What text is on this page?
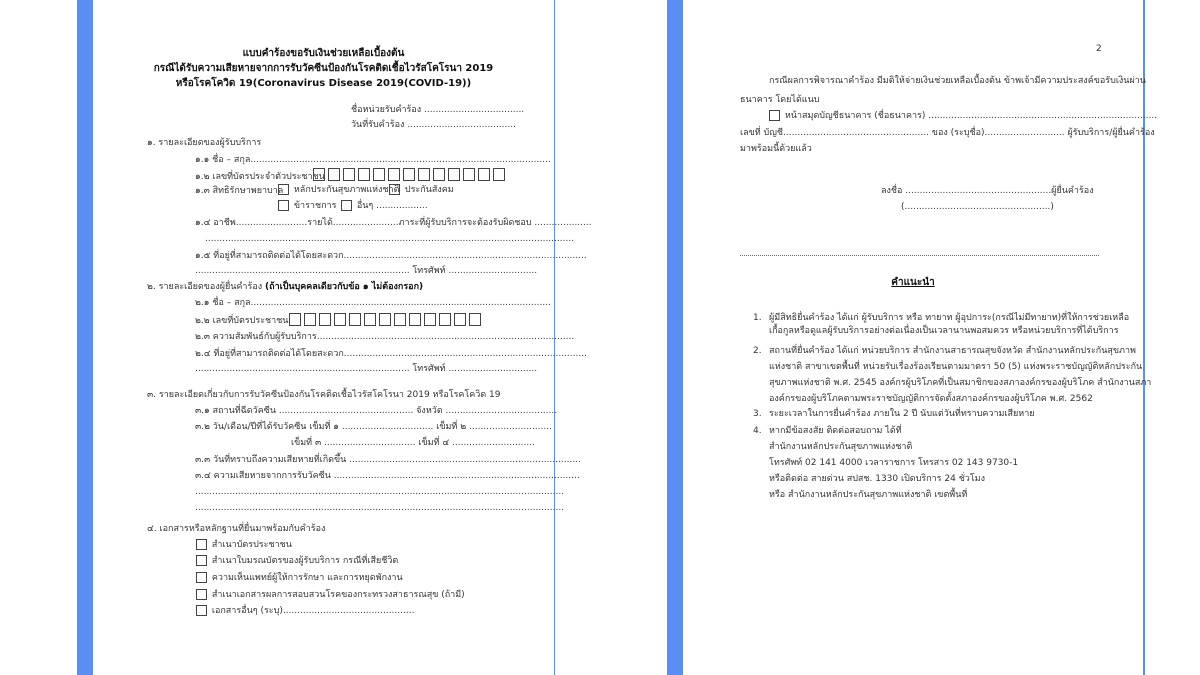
แบบคำร้องขอรับเงินช่วยเหลือเบื้องต้น
กรณีได้รับความเสียหายจากการรับวัคซีนป้องกันโรคติดเชื้อไวรัสโคโรนา 2019
หรือโรคโควิด 19(Coronavirus Disease 2019(COVID-19))
ชื่อหน่วยรับคำร้อง ...................................
วันที่รับคำร้อง ......................................
๑. รายละเอียดของผู้รับบริการ
๑.๑ ชื่อ – สกุล.........................................................................................................
๑.๒ เลขที่บัตรประจำตัวประชาชน
๑.๓ สิทธิรักษาพยาบาล	หลักประกันสุขภาพแห่งชาติ ประกันสังคม
ข้าราชการ	อื่นๆ ..................
๑.๔ อาชีพ.........................รายได้.......................ภาระที่ผู้รับบริการจะต้องรับผิดชอบ ....................
.................................................................................................................................
๑.๕ ที่อยู่ที่สามารถติดต่อได้โดยสะดวก.....................................................................................
........................................................................... โทรศัพท์ ...............................
๒. รายละเอียดของผู้ยื่นคำร้อง (ถ้าเป็นบุคคลเดียวกับข้อ ๑ ไม่ต้องกรอก)
๒.๑ ชื่อ – สกุล.........................................................................................................
๒.๒ เลขที่บัตรประชาชน
๒.๓ ความสัมพันธ์กับผู้รับบริการ..........................................................................................
๒.๔ ที่อยู่ที่สามารถติดต่อได้โดยสะดวก.....................................................................................
........................................................................... โทรศัพท์ ...............................
๓. รายละเอียดเกี่ยวกับการรับวัคซีนป้องกันโรคติดเชื้อไวรัสโคโรนา 2019 หรือโรคโควิด 19
๓.๑ สถานที่ฉีดวัคซีน ............................................... จังหวัด .......................................
๓.๒ วัน/เดือน/ปีที่ได้รับวัคซีน เข็มที่ ๑ ................................ เข็มที่ ๒ .............................
เข็มที่ ๓ ................................ เข็มที่ ๔ .............................
๓.๓ วันที่ทราบถึงความเสียหายที่เกิดขึ้น .................................................................................
๓.๔ ความเสียหายจากการรับวัคซีน ......................................................................................
.................................................................................................................................
.................................................................................................................................
๔. เอกสารหรือหลักฐานที่ยื่นมาพร้อมกับคำร้อง
สำเนาบัตรประชาชน
สำเนาใบมรณบัตรของผู้รับบริการ กรณีที่เสียชีวิต
ความเห็นแพทย์ผู้ให้การรักษา และการหยุดพักงาน
สำเนาเอกสารผลการสอบสวนโรคของกระทรวงสาธารณสุข (ถ้ามี)
เอกสารอื่นๆ (ระบุ)..............................................	N ONLINE
2
กรณีผลการพิจารณาคำร้อง มีมติให้จ่ายเงินช่วยเหลือเบื้องต้น ข้าพเจ้ามีความประสงค์ขอรับเงินผ่าน
ธนาคาร โดยได้แนบ
หน้าสมุดบัญชีธนาคาร (ชื่อธนาคาร) ................................................................................
เลขที่ บัญชี................................................... ของ (ระบุชื่อ)............................ ผู้รับบริการ/ผู้ยื่นคำร้อง
มาพร้อมนี้ด้วยแล้ว
ลงชื่อ ...................................................ผู้ยื่นคำร้อง
(...................................................)
คำแนะนำ
1. ผู้มีสิทธิยื่นคำร้อง ได้แก่ ผู้รับบริการ หรือ ทายาท ผู้อุปการะ(กรณีไม่มีทายาท)ที่ให้การช่วยเหลือ
เกื้อกูลหรือดูแลผู้รับบริการอย่างต่อเนื่องเป็นเวลานานพอสมควร หรือหน่วยบริการที่ได้บริการ
2. สถานที่ยื่นคำร้อง ได้แก่ หน่วยบริการ สำนักงานสาธารณสุขจังหวัด สำนักงานหลักประกันสุขภาพ
แห่งชาติ สาขาเขตพื้นที่ หน่วยรับเรื่องร้องเรียนตามมาตรา 50 (5) แห่งพระราชบัญญัติหลักประกัน
สุขภาพแห่งชาติ พ.ศ. 2545 องค์กรผู้บริโภคที่เป็นสมาชิกของสภาองค์กรของผู้บริโภค สำนักงานสภา
องค์กรของผู้บริโภคตามพระราชบัญญัติการจัดตั้งสภาองค์กรของผู้บริโภค พ.ศ. 2562
3. ระยะเวลาในการยื่นคำร้อง ภายใน 2 ปี นับแต่วันที่ทราบความเสียหาย
4. หากมีข้อสงสัย ติดต่อสอบถาม ได้ที่
สำนักงานหลักประกันสุขภาพแห่งชาติ
โทรศัพท์ 02 141 4000 เวลาราชการ โทรสาร 02 143 9730-1
หรือติดต่อ สายด่วน สปสช. 1330 เปิดบริการ 24 ชั่วโมง
หรือ สำนักงานหลักประกันสุขภาพแห่งชาติ เขตพื้นที่
